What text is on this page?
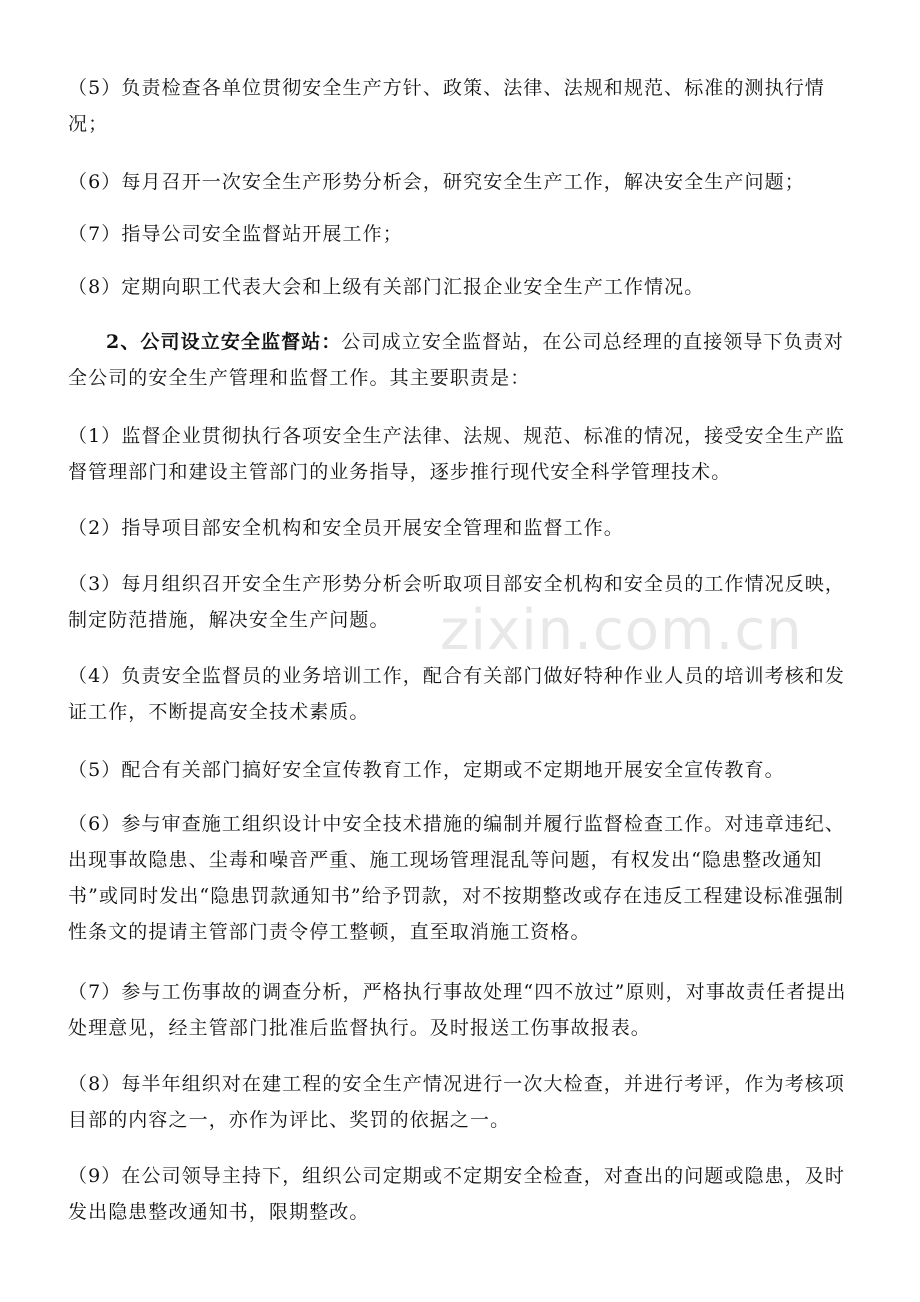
zixin.com.cn

（5）负责检查各单位贯彻安全生产方针、政策、法律、法规和规范、标准的测执行情况；

（6）每月召开一次安全生产形势分析会，研究安全生产工作，解决安全生产问题；

（7）指导公司安全监督站开展工作；

（8）定期向职工代表大会和上级有关部门汇报企业安全生产工作情况。

2、公司设立安全监督站：公司成立安全监督站，在公司总经理的直接领导下负责对全公司的安全生产管理和监督工作。其主要职责是：

（1）监督企业贯彻执行各项安全生产法律、法规、规范、标准的情况，接受安全生产监督管理部门和建设主管部门的业务指导，逐步推行现代安全科学管理技术。

（2）指导项目部安全机构和安全员开展安全管理和监督工作。

（3）每月组织召开安全生产形势分析会听取项目部安全机构和安全员的工作情况反映，制定防范措施，解决安全生产问题。

（4）负责安全监督员的业务培训工作，配合有关部门做好特种作业人员的培训考核和发证工作，不断提高安全技术素质。

（5）配合有关部门搞好安全宣传教育工作，定期或不定期地开展安全宣传教育。

（6）参与审查施工组织设计中安全技术措施的编制并履行监督检查工作。对违章违纪、出现事故隐患、尘毒和噪音严重、施工现场管理混乱等问题，有权发出“隐患整改通知书”或同时发出“隐患罚款通知书”给予罚款，对不按期整改或存在违反工程建设标准强制性条文的提请主管部门责令停工整顿，直至取消施工资格。

（7）参与工伤事故的调查分析，严格执行事故处理“四不放过”原则，对事故责任者提出处理意见，经主管部门批准后监督执行。及时报送工伤事故报表。

（8）每半年组织对在建工程的安全生产情况进行一次大检查，并进行考评，作为考核项目部的内容之一，亦作为评比、奖罚的依据之一。

（9）在公司领导主持下，组织公司定期或不定期安全检查，对查出的问题或隐患，及时发出隐患整改通知书，限期整改。
